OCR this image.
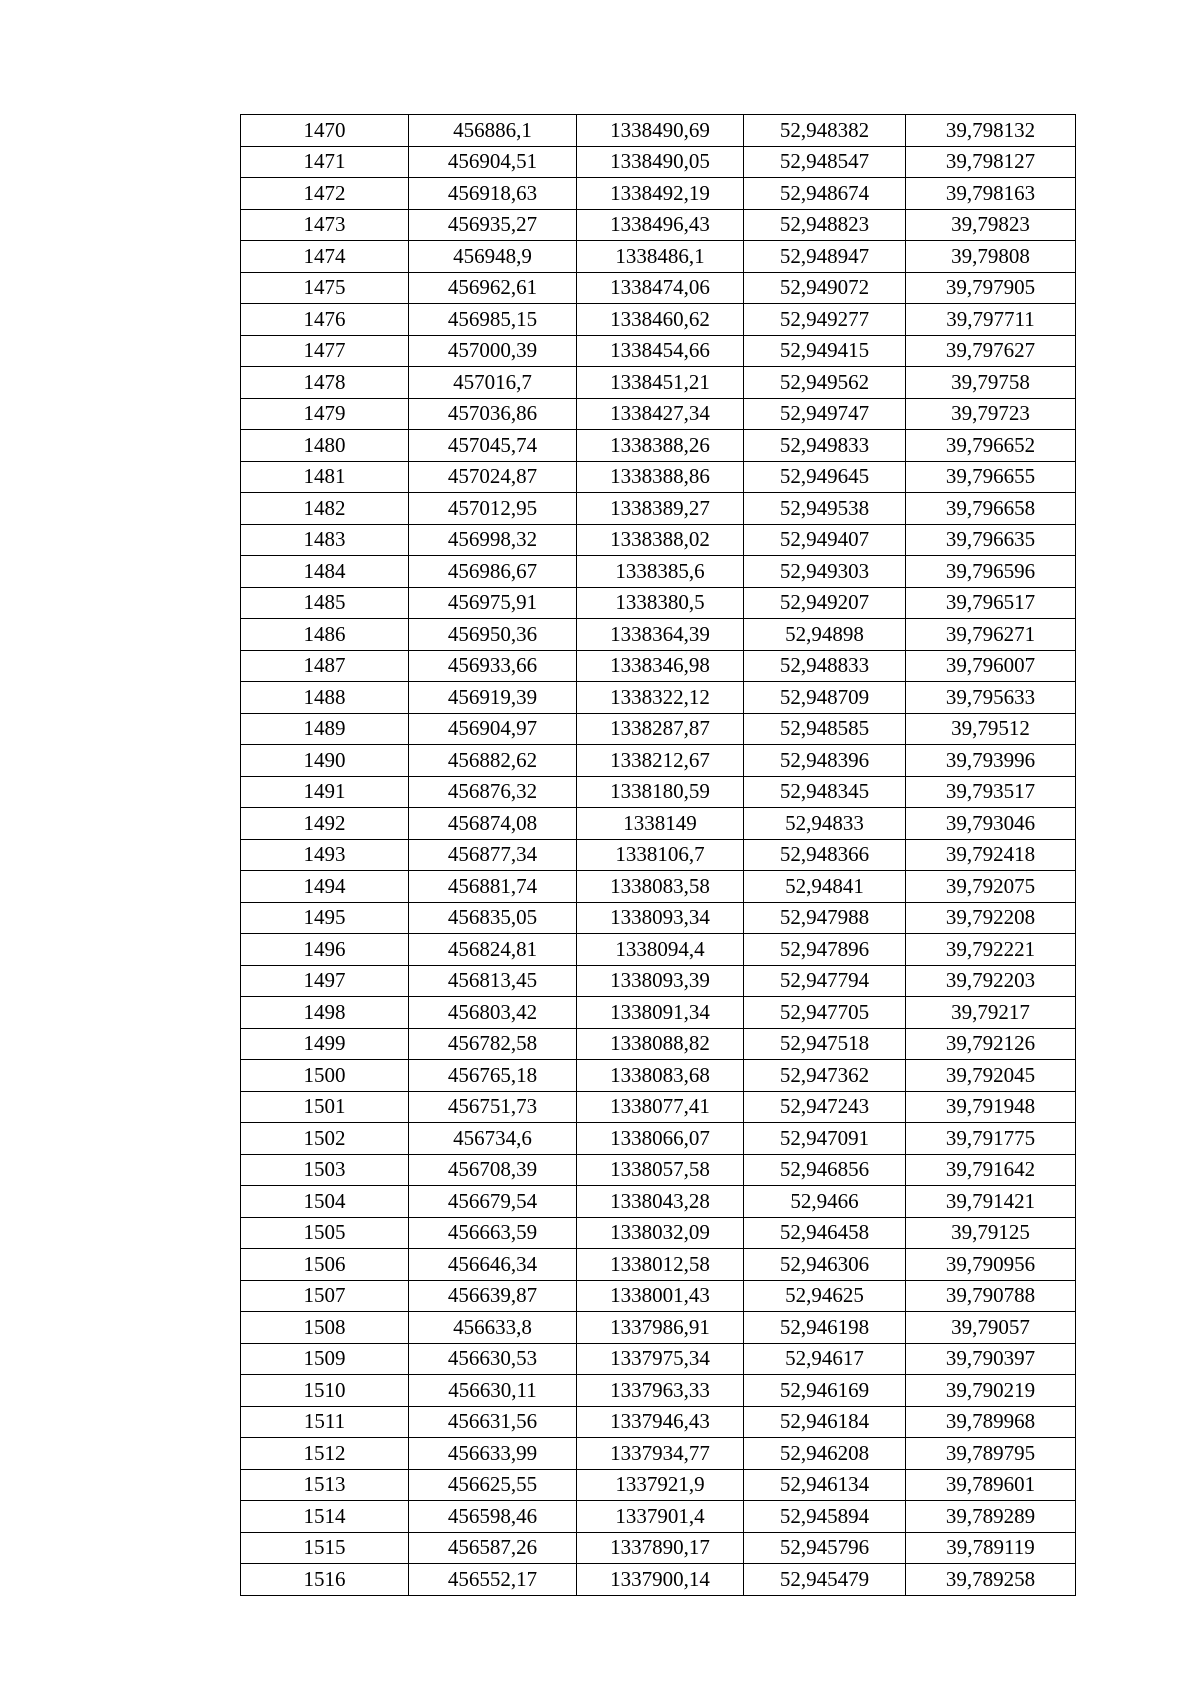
1470	456886,1	1338490,69	52,948382	39,798132
1471	456904,51	1338490,05	52,948547	39,798127
1472	456918,63	1338492,19	52,948674	39,798163
1473	456935,27	1338496,43	52,948823	39,79823
1474	456948,9	1338486,1	52,948947	39,79808
1475	456962,61	1338474,06	52,949072	39,797905
1476	456985,15	1338460,62	52,949277	39,797711
1477	457000,39	1338454,66	52,949415	39,797627
1478	457016,7	1338451,21	52,949562	39,79758
1479	457036,86	1338427,34	52,949747	39,79723
1480	457045,74	1338388,26	52,949833	39,796652
1481	457024,87	1338388,86	52,949645	39,796655
1482	457012,95	1338389,27	52,949538	39,796658
1483	456998,32	1338388,02	52,949407	39,796635
1484	456986,67	1338385,6	52,949303	39,796596
1485	456975,91	1338380,5	52,949207	39,796517
1486	456950,36	1338364,39	52,94898	39,796271
1487	456933,66	1338346,98	52,948833	39,796007
1488	456919,39	1338322,12	52,948709	39,795633
1489	456904,97	1338287,87	52,948585	39,79512
1490	456882,62	1338212,67	52,948396	39,793996
1491	456876,32	1338180,59	52,948345	39,793517
1492	456874,08	1338149	52,94833	39,793046
1493	456877,34	1338106,7	52,948366	39,792418
1494	456881,74	1338083,58	52,94841	39,792075
1495	456835,05	1338093,34	52,947988	39,792208
1496	456824,81	1338094,4	52,947896	39,792221
1497	456813,45	1338093,39	52,947794	39,792203
1498	456803,42	1338091,34	52,947705	39,79217
1499	456782,58	1338088,82	52,947518	39,792126
1500	456765,18	1338083,68	52,947362	39,792045
1501	456751,73	1338077,41	52,947243	39,791948
1502	456734,6	1338066,07	52,947091	39,791775
1503	456708,39	1338057,58	52,946856	39,791642
1504	456679,54	1338043,28	52,9466	39,791421
1505	456663,59	1338032,09	52,946458	39,79125
1506	456646,34	1338012,58	52,946306	39,790956
1507	456639,87	1338001,43	52,94625	39,790788
1508	456633,8	1337986,91	52,946198	39,79057
1509	456630,53	1337975,34	52,94617	39,790397
1510	456630,11	1337963,33	52,946169	39,790219
1511	456631,56	1337946,43	52,946184	39,789968
1512	456633,99	1337934,77	52,946208	39,789795
1513	456625,55	1337921,9	52,946134	39,789601
1514	456598,46	1337901,4	52,945894	39,789289
1515	456587,26	1337890,17	52,945796	39,789119
1516	456552,17	1337900,14	52,945479	39,789258
